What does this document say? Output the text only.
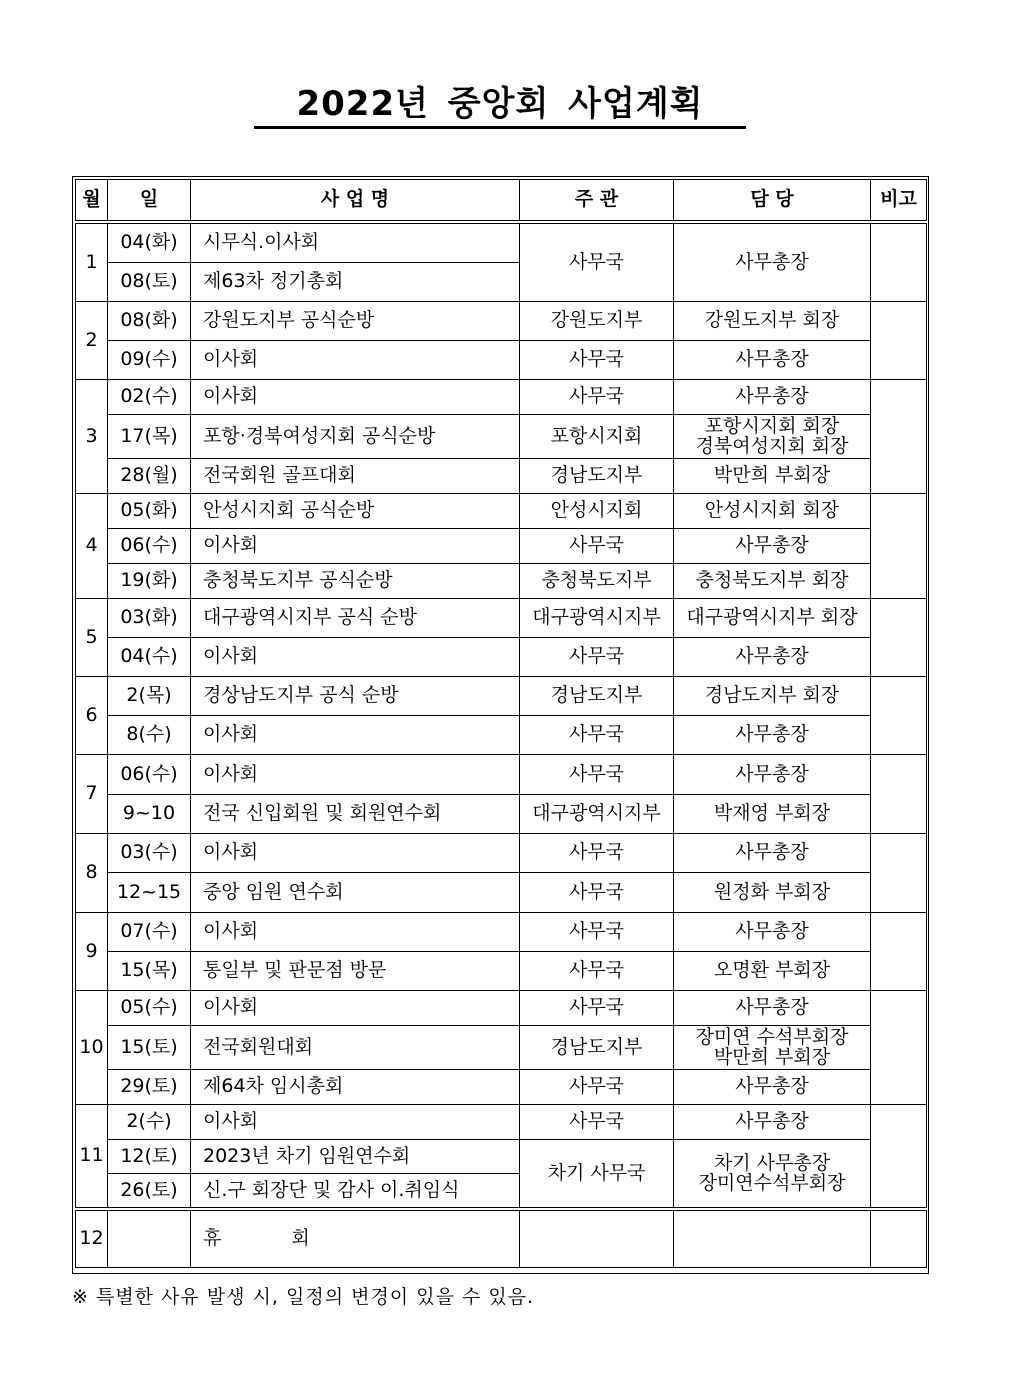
2022년 중앙회 사업계획
월	일	사 업 명	주 관	담 당	비고

1	04(화)	시무식.이사회	사무국	사무총장	
	08(토)	제63차 정기총회			
2	08(화)	강원도지부 공식순방	강원도지부	강원도지부 회장	
	09(수)	이사회	사무국	사무총장	
3	02(수)	이사회	사무국	사무총장	
	17(목)	포항·경북여성지회 공식순방	포항시지회	포항시지회 회장
경북여성지회 회장	

	28(월)	전국회원 골프대회	경남도지부	박만희 부회장	
4	05(화)	안성시지회 공식순방	안성시지회	안성시지회 회장	
	06(수)	이사회	사무국	사무총장	
	19(화)	충청북도지부 공식순방	충청북도지부	충청북도지부 회장	
5	03(화)	대구광역시지부 공식 순방	대구광역시지부	대구광역시지부 회장	
	04(수)	이사회	사무국	사무총장	
6	2(목)	경상남도지부 공식 순방	경남도지부	경남도지부 회장	
	8(수)	이사회	사무국	사무총장	
7	06(수)	이사회	사무국	사무총장	
	9~10	전국 신입회원 및 회원연수회	대구광역시지부	박재영 부회장	
8	03(수)	이사회	사무국	사무총장	
	12~15	중앙 임원 연수회	사무국	원정화 부회장	
9	07(수)	이사회	사무국	사무총장	
	15(목)	통일부 및 판문점 방문	사무국	오명환 부회장	
10	05(수)	이사회	사무국	사무총장	
	15(토)	전국회원대회	경남도지부	장미연 수석부회장
박만희 부회장	

	29(토)	제64차 임시총회	사무국	사무총장	
11	2(수)	이사회	사무국	사무총장	
	12(토)	2023년 차기 임원연수회	차기 사무국	차기 사무총장
장미연수석부회장	

	26(토)	신.구 회장단 및 감사 이.취임식			

12		휴 회			
※ 특별한 사유 발생 시, 일정의 변경이 있을 수 있음.
